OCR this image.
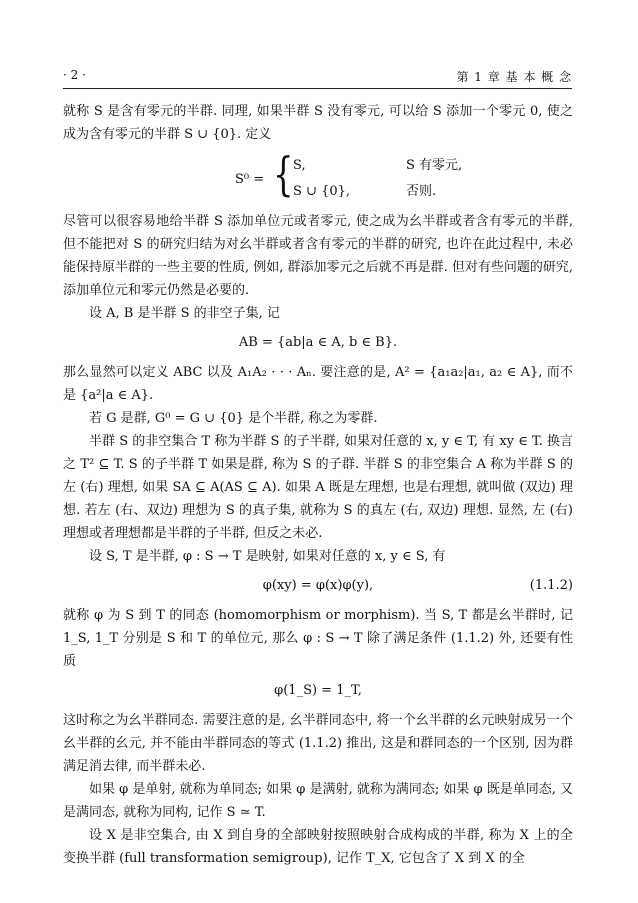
· 2 ·	第 1 章 基 本 概 念

就称 S 是含有零元的半群. 同理, 如果半群 S 没有零元, 可以给 S 添加一个零元 0, 使之成为含有零元的半群 S ∪ {0}. 定义

S⁰ = { S,	S 有零元,
S ∪ {0},	否则.

尽管可以很容易地给半群 S 添加单位元或者零元, 使之成为幺半群或者含有零元的半群, 但不能把对 S 的研究归结为对幺半群或者含有零元的半群的研究, 也许在此过程中, 未必能保持原半群的一些主要的性质, 例如, 群添加零元之后就不再是群. 但对有些问题的研究, 添加单位元和零元仍然是必要的.

设 A, B 是半群 S 的非空子集, 记

AB = {ab|a ∈ A, b ∈ B}.

那么显然可以定义 ABC 以及 A₁A₂ · · · Aₙ. 要注意的是, A² = {a₁a₂|a₁, a₂ ∈ A}, 而不是 {a²|a ∈ A}.

若 G 是群, G⁰ = G ∪ {0} 是个半群, 称之为零群.

半群 S 的非空集合 T 称为半群 S 的子半群, 如果对任意的 x, y ∈ T, 有 xy ∈ T. 换言之 T² ⊆ T. S 的子半群 T 如果是群, 称为 S 的子群. 半群 S 的非空集合 A 称为半群 S 的左 (右) 理想, 如果 SA ⊆ A(AS ⊆ A). 如果 A 既是左理想, 也是右理想, 就叫做 (双边) 理想. 若左 (右、双边) 理想为 S 的真子集, 就称为 S 的真左 (右, 双边) 理想. 显然, 左 (右) 理想或者理想都是半群的子半群, 但反之未必.

设 S, T 是半群, φ : S → T 是映射, 如果对任意的 x, y ∈ S, 有

φ(xy) = φ(x)φ(y),	(1.1.2)

就称 φ 为 S 到 T 的同态 (homomorphism or morphism). 当 S, T 都是幺半群时, 记 1_S, 1_T 分别是 S 和 T 的单位元, 那么 φ : S → T 除了满足条件 (1.1.2) 外, 还要有性质

φ(1_S) = 1_T,

这时称之为幺半群同态. 需要注意的是, 幺半群同态中, 将一个幺半群的幺元映射成另一个幺半群的幺元, 并不能由半群同态的等式 (1.1.2) 推出, 这是和群同态的一个区别, 因为群满足消去律, 而半群未必.

如果 φ 是单射, 就称为单同态; 如果 φ 是满射, 就称为满同态; 如果 φ 既是单同态, 又是满同态, 就称为同构, 记作 S ≃ T.

设 X 是非空集合, 由 X 到自身的全部映射按照映射合成构成的半群, 称为 X 上的全变换半群 (full transformation semigroup), 记作 T_X, 它包含了 X 到 X 的全
